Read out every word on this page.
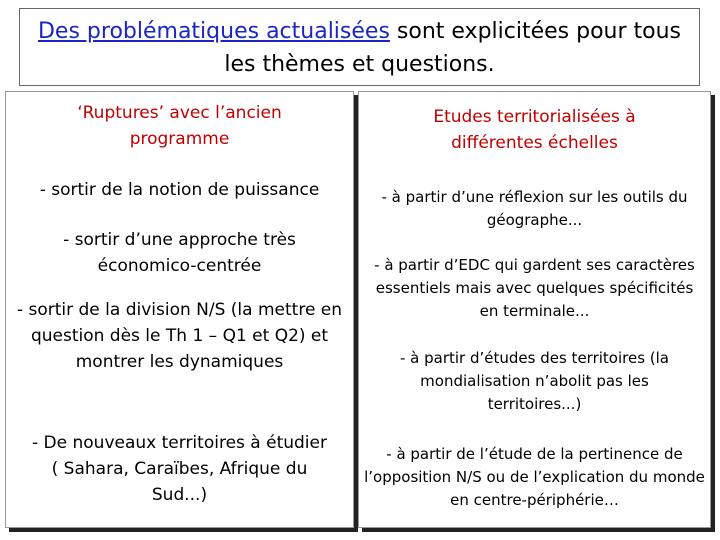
Des problématiques actualisées sont explicitées pour tous les thèmes et questions.
‘Ruptures’ avec l’ancien programme
- sortir de la notion de puissance
- sortir d’une approche très économico-centrée
- sortir de la division N/S (la mettre en question dès le Th 1 – Q1 et Q2) et montrer les dynamiques
- De nouveaux territoires à étudier ( Sahara, Caraïbes, Afrique du Sud...)
Etudes territorialisées à différentes échelles
- à partir d’une réflexion sur les outils du géographe...
- à partir d’EDC qui gardent ses caractères essentiels mais avec quelques spécificités en terminale...
- à partir d’études des territoires (la mondialisation n’abolit pas les territoires...)
- à partir de l’étude de la pertinence de l’opposition N/S ou de l’explication du monde en centre-périphérie…
